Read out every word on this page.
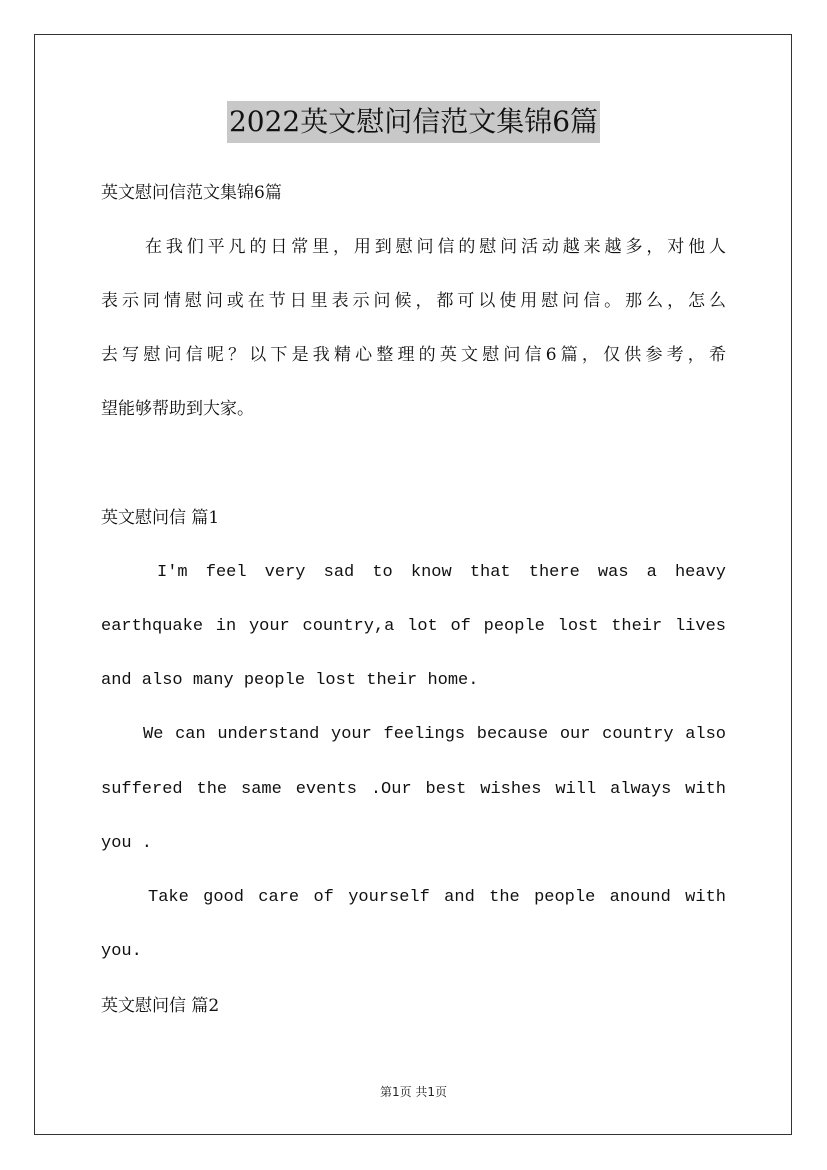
2022英文慰问信范文集锦6篇
英文慰问信范文集锦6篇
在我们平凡的日常里，用到慰问信的慰问活动越来越多，对他人
表示同情慰问或在节日里表示问候，都可以使用慰问信。那么，怎么
去写慰问信呢？以下是我精心整理的英文慰问信6篇，仅供参考，希
望能够帮助到大家。
英文慰问信 篇1
I'm feel very sad to know that there was a heavy
earthquake in your country,a lot of people lost their lives
and also many people lost their home.
We can understand your feelings because our country also
suffered the same events .Our best wishes will always with
you .
Take good care of yourself and the people anound with
you.
英文慰问信 篇2
第1页 共1页
